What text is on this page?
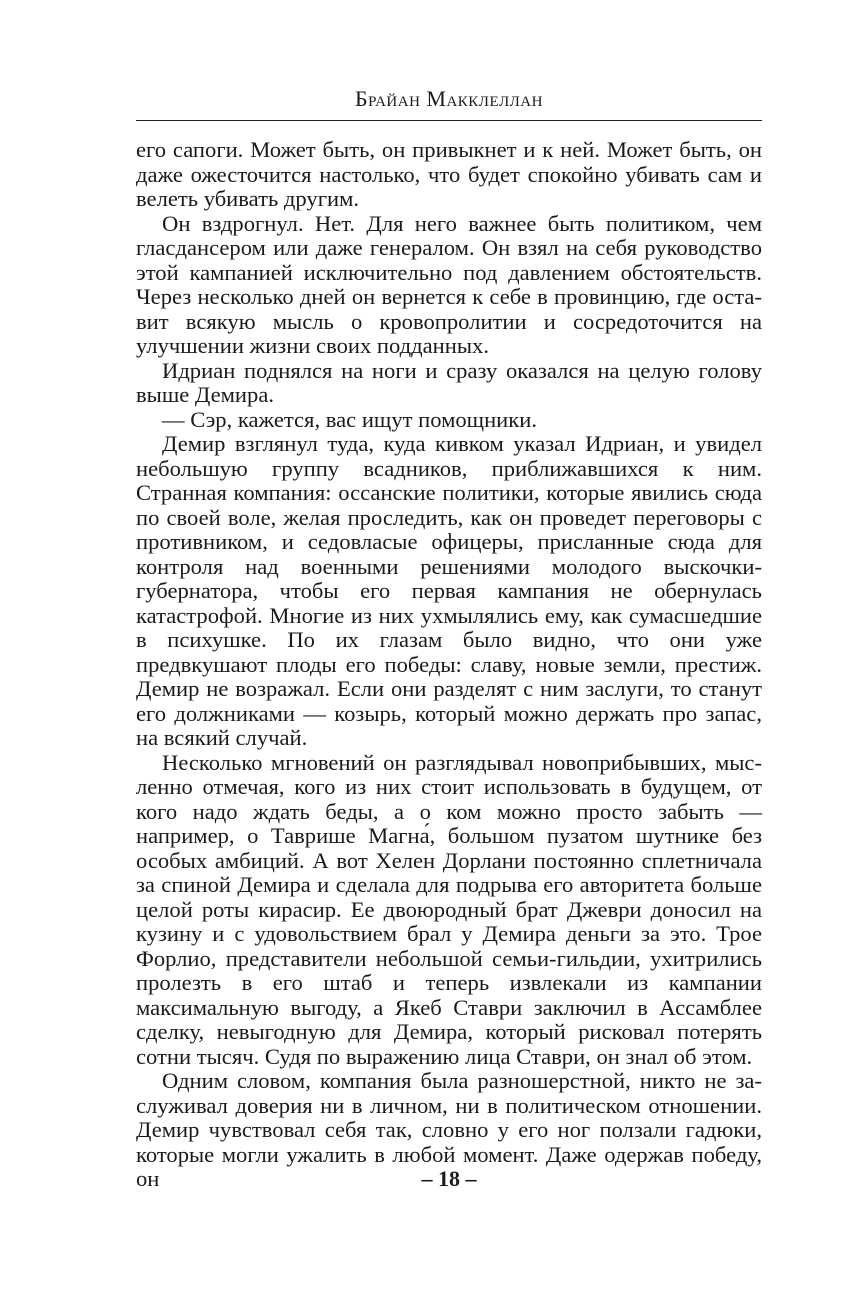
Брайан Макклеллан

его сапоги. Может быть, он привыкнет и к ней. Может быть, он даже ожесточится настолько, что будет спокойно убивать сам и велеть убивать другим.

Он вздрогнул. Нет. Для него важнее быть политиком, чем гласдансером или даже генералом. Он взял на себя руководство этой кампанией исключительно под давлением обстоятельств. Через несколько дней он вернется к себе в провинцию, где оставит всякую мысль о кровопролитии и сосредоточится на улучшении жизни своих подданных.

Идриан поднялся на ноги и сразу оказался на целую голову выше Демира.

— Сэр, кажется, вас ищут помощники.

Демир взглянул туда, куда кивком указал Идриан, и увидел небольшую группу всадников, приближавшихся к ним. Странная компания: оссанские политики, которые явились сюда по своей воле, желая проследить, как он проведет переговоры с противником, и седовласые офицеры, присланные сюда для контроля над военными решениями молодого выскочки-губернатора, чтобы его первая кампания не обернулась катастрофой. Многие из них ухмылялись ему, как сумасшедшие в психушке. По их глазам было видно, что они уже предвкушают плоды его победы: славу, новые земли, престиж. Демир не возражал. Если они разделят с ним заслуги, то станут его должниками — козырь, который можно держать про запас, на всякий случай.

Несколько мгновений он разглядывал новоприбывших, мысленно отмечая, кого из них стоит использовать в будущем, от кого надо ждать беды, а о ком можно просто забыть — например, о Таврише Магна́, большом пузатом шутнике без особых амбиций. А вот Хелен Дорлани постоянно сплетничала за спиной Демира и сделала для подрыва его авторитета больше целой роты кирасир. Ее двоюродный брат Джеври доносил на кузину и с удовольствием брал у Демира деньги за это. Трое Форлио, представители небольшой семьи-гильдии, ухитрились пролезть в его штаб и теперь извлекали из кампании максимальную выгоду, а Якеб Ставри заключил в Ассамблее сделку, невыгодную для Демира, который рисковал потерять сотни тысяч. Судя по выражению лица Ставри, он знал об этом.

Одним словом, компания была разношерстной, никто не заслуживал доверия ни в личном, ни в политическом отношении. Демир чувствовал себя так, словно у его ног ползали гадюки, которые могли ужалить в любой момент. Даже одержав победу, он	– 18 –
